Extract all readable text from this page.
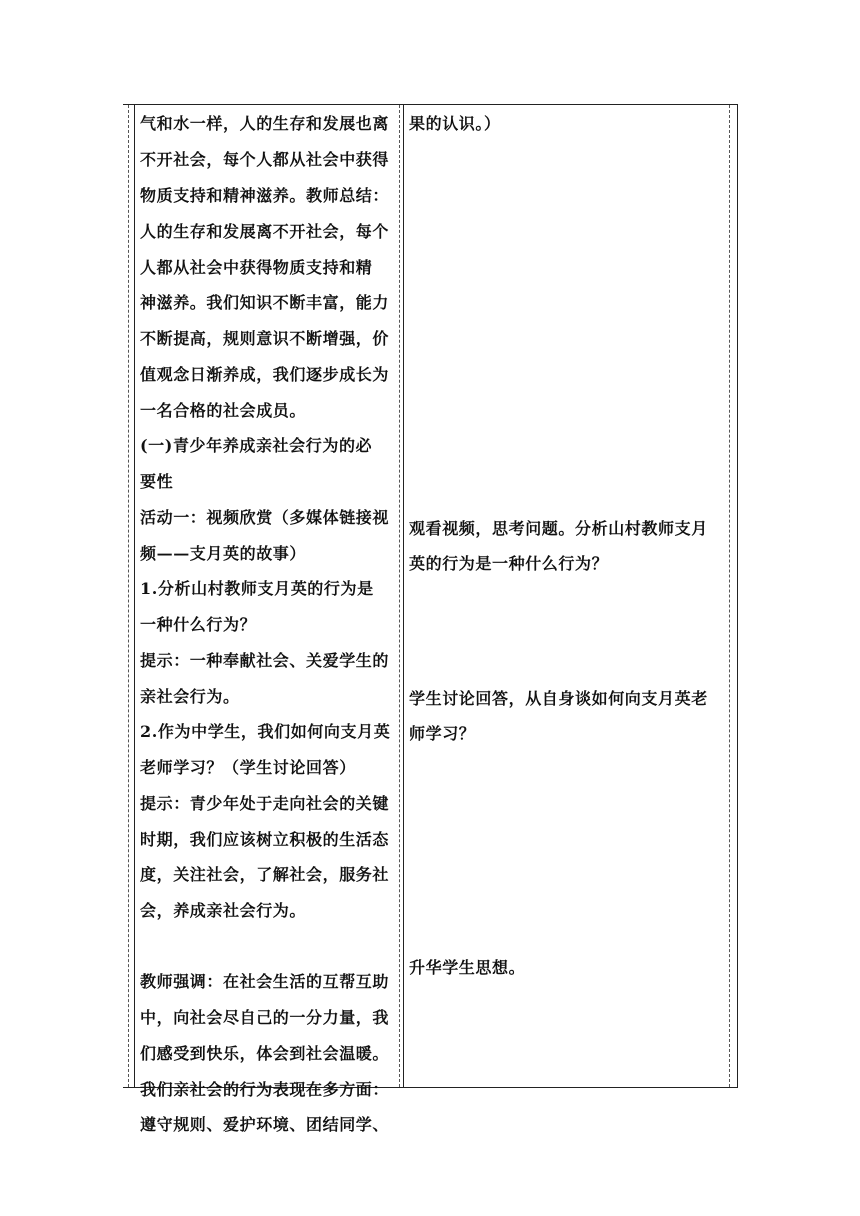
气和水一样，人的生存和发展也离
不开社会，每个人都从社会中获得
物质支持和精神滋养。教师总结：
人的生存和发展离不开社会，每个
人都从社会中获得物质支持和精
神滋养。我们知识不断丰富，能力
不断提高，规则意识不断增强，价
值观念日渐养成，我们逐步成长为
一名合格的社会成员。
(一)青少年养成亲社会行为的必
要性
活动一：视频欣赏（多媒体链接视
频——支月英的故事）
1.分析山村教师支月英的行为是
一种什么行为？
提示：一种奉献社会、关爱学生的
亲社会行为。
2.作为中学生，我们如何向支月英
老师学习？（学生讨论回答）
提示：青少年处于走向社会的关键
时期，我们应该树立积极的生活态
度，关注社会，了解社会，服务社
会，养成亲社会行为。
教师强调：在社会生活的互帮互助
中，向社会尽自己的一分力量，我
们感受到快乐，体会到社会温暖。
我们亲社会的行为表现在多方面：
遵守规则、爱护环境、团结同学、
果的认识。）
观看视频，思考问题。分析山村教师支月
英的行为是一种什么行为？
学生讨论回答，从自身谈如何向支月英老
师学习？
升华学生思想。
